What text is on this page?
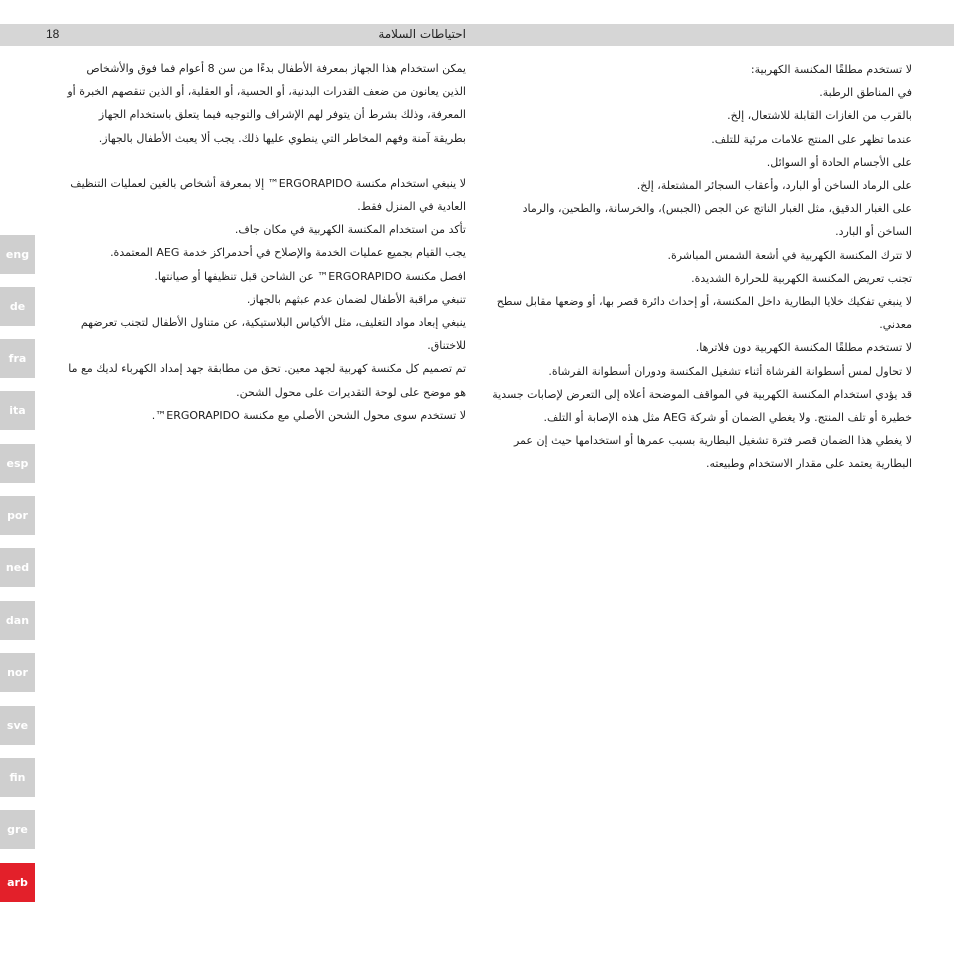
18	احتياطات السلامة

لا تستخدم مطلقًا المكنسة الكهربية:

في المناطق الرطبة.

بالقرب من الغازات القابلة للاشتعال، إلخ.

عندما تظهر على المنتج علامات مرئية للتلف.

على الأجسام الحادة أو السوائل.

على الرماد الساخن أو البارد، وأعقاب السجائر المشتعلة، إلخ.

على الغبار الدقيق، مثل الغبار الناتج عن الجص (الجبس)، والخرسانة، والطحين، والرماد الساخن أو البارد.

لا تترك المكنسة الكهربية في أشعة الشمس المباشرة.

تجنب تعريض المكنسة الكهربية للحرارة الشديدة.

لا ينبغي تفكيك خلايا البطارية داخل المكنسة، أو إحداث دائرة قصر بها، أو وضعها مقابل سطح معدني.

لا تستخدم مطلقًا المكنسة الكهربية دون فلاترها.

لا تحاول لمس أسطوانة الفرشاة أثناء تشغيل المكنسة ودوران أسطوانة الفرشاة.

قد يؤدي استخدام المكنسة الكهربية في المواقف الموضحة أعلاه إلى التعرض لإصابات جسدية خطيرة أو تلف المنتج. ولا يغطي الضمان أو شركة AEG مثل هذه الإصابة أو التلف.

لا يغطي هذا الضمان قصر فترة تشغيل البطارية بسبب عمرها أو استخدامها حيث إن عمر البطارية يعتمد على مقدار الاستخدام وطبيعته.

يمكن استخدام هذا الجهاز بمعرفة الأطفال بدءًا من سن 8 أعوام فما فوق والأشخاص الذين يعانون من ضعف القدرات البدنية، أو الحسية، أو العقلية، أو الذين تنقصهم الخبرة أو المعرفة، وذلك بشرط أن يتوفر لهم الإشراف والتوجيه فيما يتعلق باستخدام الجهاز بطريقة آمنة وفهم المخاطر التي ينطوي عليها ذلك. يجب ألا يعبث الأطفال بالجهاز.

لا ينبغي استخدام مكنسة ERGORAPIDO™ إلا بمعرفة أشخاص بالغين لعمليات التنظيف العادية في المنزل فقط.

تأكد من استخدام المكنسة الكهربية في مكان جاف.

يجب القيام بجميع عمليات الخدمة والإصلاح في أحدمراكز خدمة AEG المعتمدة.

افصل مكنسة ERGORAPIDO™ عن الشاحن قبل تنظيفها أو صيانتها.

تنبغي مراقبة الأطفال لضمان عدم عبثهم بالجهاز.

ينبغي إبعاد مواد التغليف، مثل الأكياس البلاستيكية، عن متناول الأطفال لتجنب تعرضهم للاختناق.

تم تصميم كل مكنسة كهربية لجهد معين. تحق من مطابقة جهد إمداد الكهرباء لديك مع ما هو موضح على لوحة التقديرات على محول الشحن.

لا تستخدم سوى محول الشحن الأصلي مع مكنسة ERGORAPIDO™.

eng
de
fra
ita
esp
por
ned
dan
nor
sve
fin
gre
arb
